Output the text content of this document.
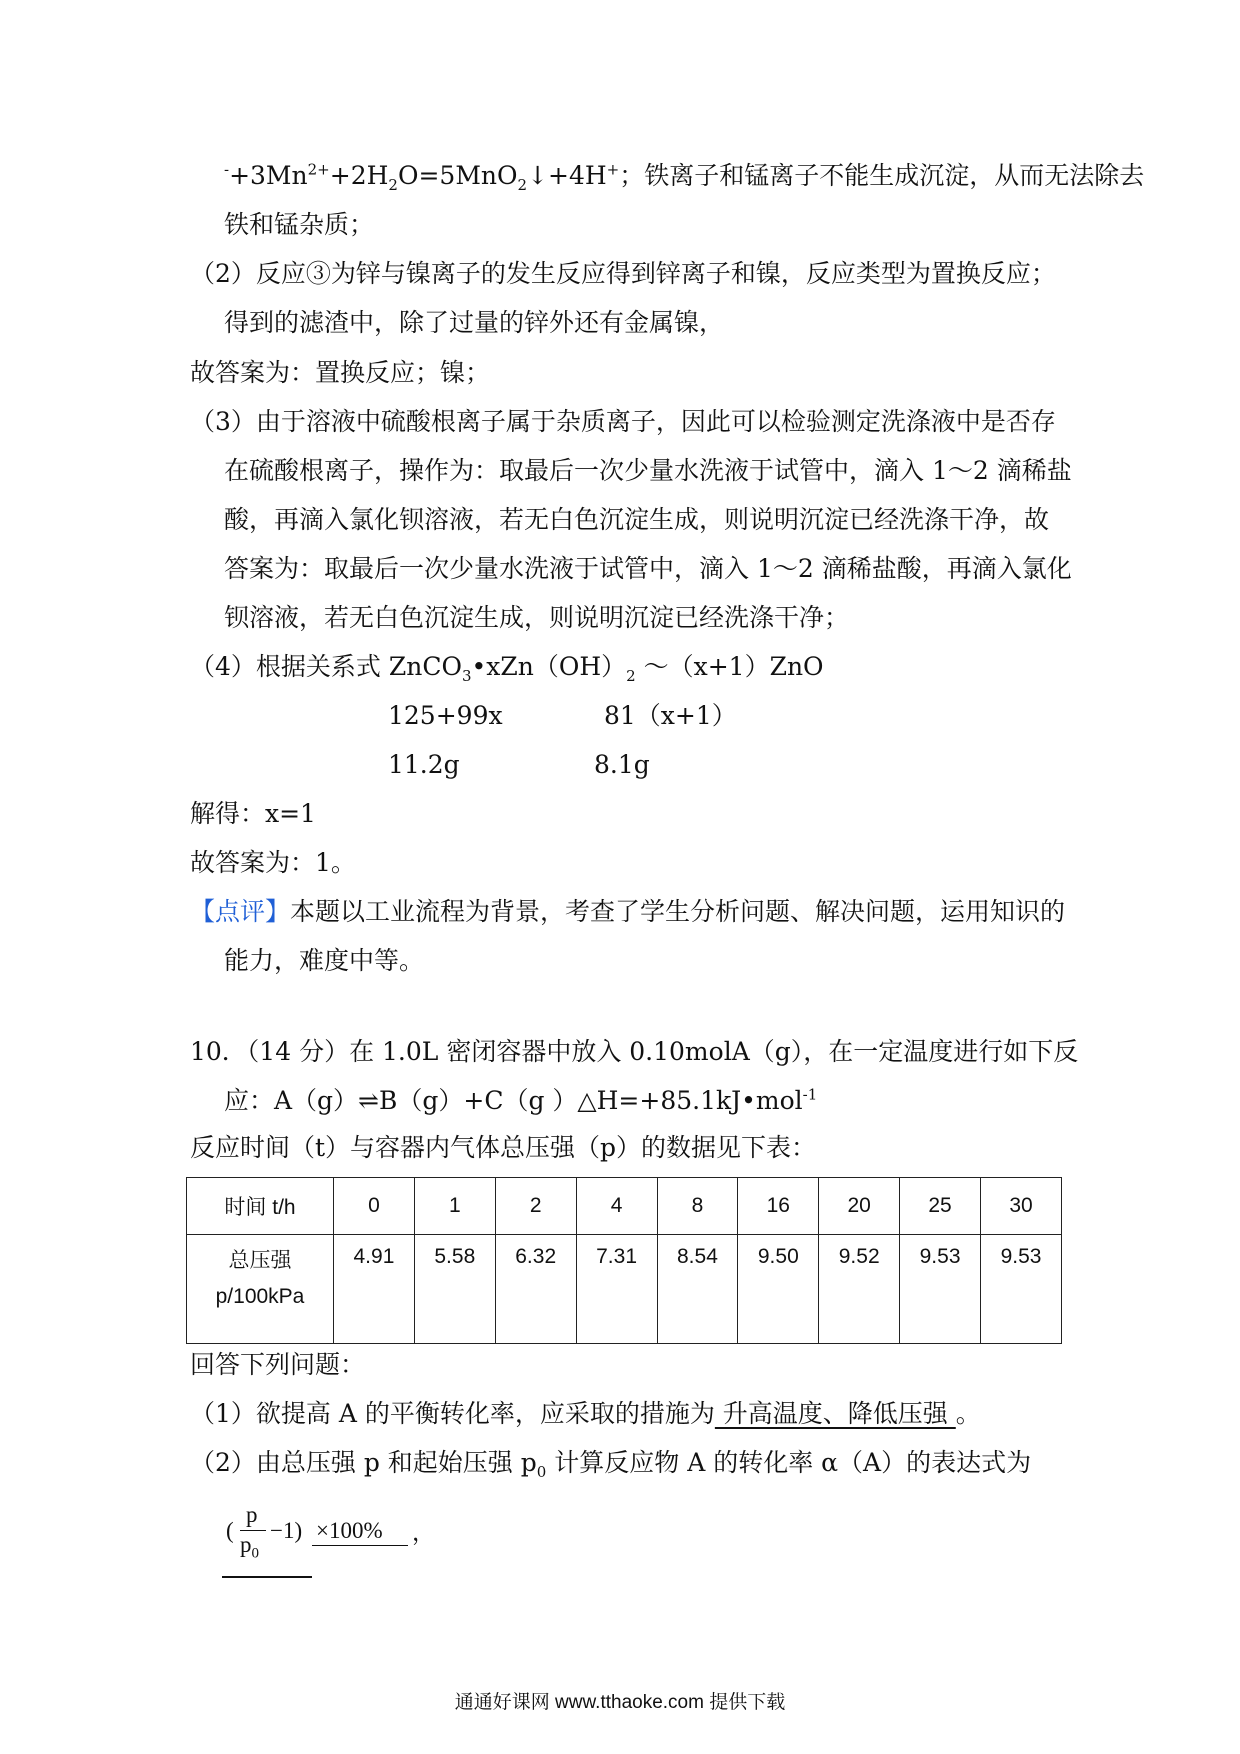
$^-+3Mn^{2+}+2H_2O=5MnO_2↓+4H^+$；铁离子和锰离子不能生成沉淀，从而无法除去
铁和锰杂质；
（2）反应③为锌与镍离子的发生反应得到锌离子和镍，反应类型为置换反应；
得到的滤渣中，除了过量的锌外还有金属镍，
故答案为：置换反应；镍；
（3）由于溶液中硫酸根离子属于杂质离子，因此可以检验测定洗涤液中是否存
在硫酸根离子，操作为：取最后一次少量水洗液于试管中，滴入 1～2 滴稀盐
酸，再滴入氯化钡溶液，若无白色沉淀生成，则说明沉淀已经洗涤干净，故
答案为：取最后一次少量水洗液于试管中，滴入 1～2 滴稀盐酸，再滴入氯化
钡溶液，若无白色沉淀生成，则说明沉淀已经洗涤干净；
（4）根据关系式 $ZnCO_3•xZn(OH)_2$ ～（x+1）ZnO
125+99x	81（x+1）
11.2g	8.1g
解得：x=1
故答案为：1。
【点评】本题以工业流程为背景，考查了学生分析问题、解决问题，运用知识的
能力，难度中等。
10．（14 分）在 1.0L 密闭容器中放入 0.10molA（g），在一定温度进行如下反
应：A（g）⇌B（g）+C（g ）△H=+85.1kJ•mol$^{-1}$
反应时间（t）与容器内气体总压强（p）的数据见下表：
时间 t/h	0	1	2	4	8	16	20	25	30

总压强
p/100kPa	4.91	5.58	6.32	7.31	8.54	9.50	9.52	9.53	9.53
回答下列问题：
（1）欲提高 A 的平衡转化率，应采取的措施为 升高温度、降低压强 。
（2）由总压强 p 和起始压强 $p_0$ 计算反应物 A 的转化率 α（A）的表达式为
(
p
$p_0$
−1) ×100% ，
通通好课网 www.tthaoke.com 提供下载
